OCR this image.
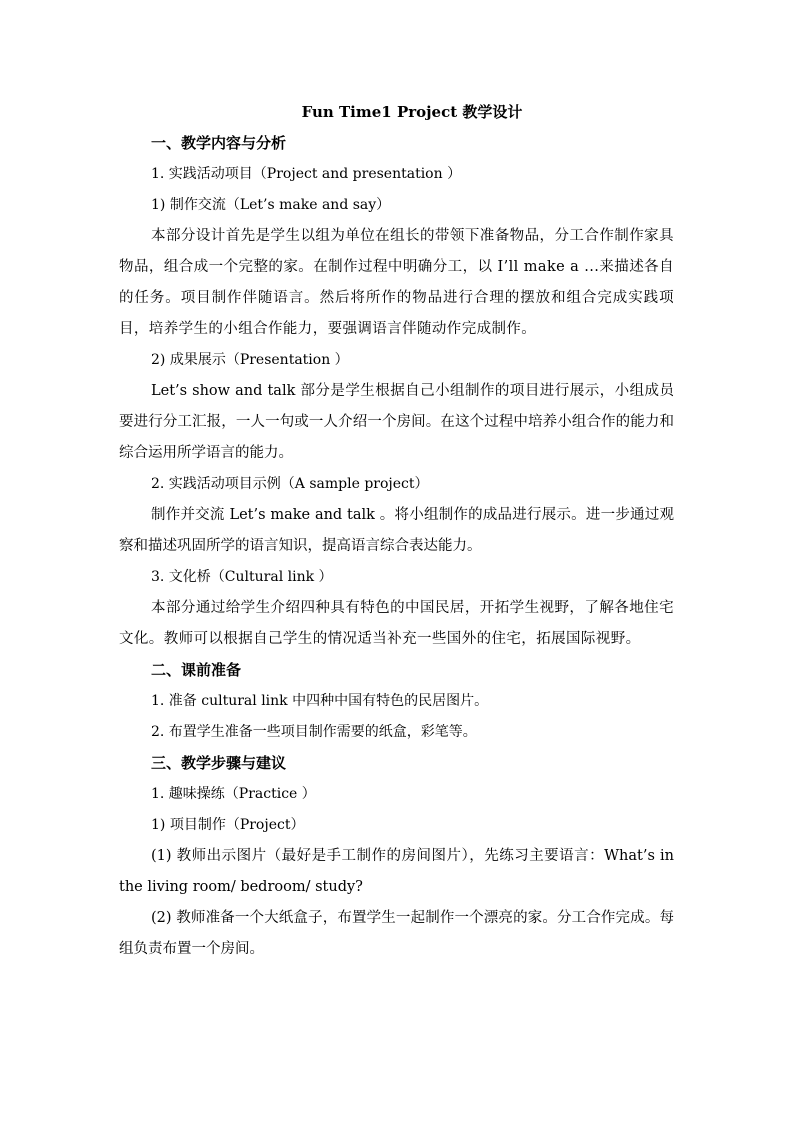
Fun Time1 Project 教学设计
一、教学内容与分析
1. 实践活动项目（Project and presentation ）
1) 制作交流（Let’s make and say）
本部分设计首先是学生以组为单位在组长的带领下准备物品，分工合作制作家具物品，组合成一个完整的家。在制作过程中明确分工，以 I’ll make a ...来描述各自的任务。项目制作伴随语言。然后将所作的物品进行合理的摆放和组合完成实践项目，培养学生的小组合作能力，要强调语言伴随动作完成制作。
2) 成果展示（Presentation ）
Let’s show and talk 部分是学生根据自己小组制作的项目进行展示，小组成员要进行分工汇报，一人一句或一人介绍一个房间。在这个过程中培养小组合作的能力和综合运用所学语言的能力。
2. 实践活动项目示例（A sample project）
制作并交流 Let’s make and talk 。将小组制作的成品进行展示。进一步通过观察和描述巩固所学的语言知识，提高语言综合表达能力。
3. 文化桥（Cultural link ）
本部分通过给学生介绍四种具有特色的中国民居，开拓学生视野，了解各地住宅文化。教师可以根据自己学生的情况适当补充一些国外的住宅，拓展国际视野。
二、课前准备
1. 准备 cultural link 中四种中国有特色的民居图片。
2. 布置学生准备一些项目制作需要的纸盒，彩笔等。
三、教学步骤与建议
1. 趣味操练（Practice ）
1) 项目制作（Project）
(1) 教师出示图片（最好是手工制作的房间图片），先练习主要语言：What’s in the living room/ bedroom/ study?
(2) 教师准备一个大纸盒子，布置学生一起制作一个漂亮的家。分工合作完成。每组负责布置一个房间。
